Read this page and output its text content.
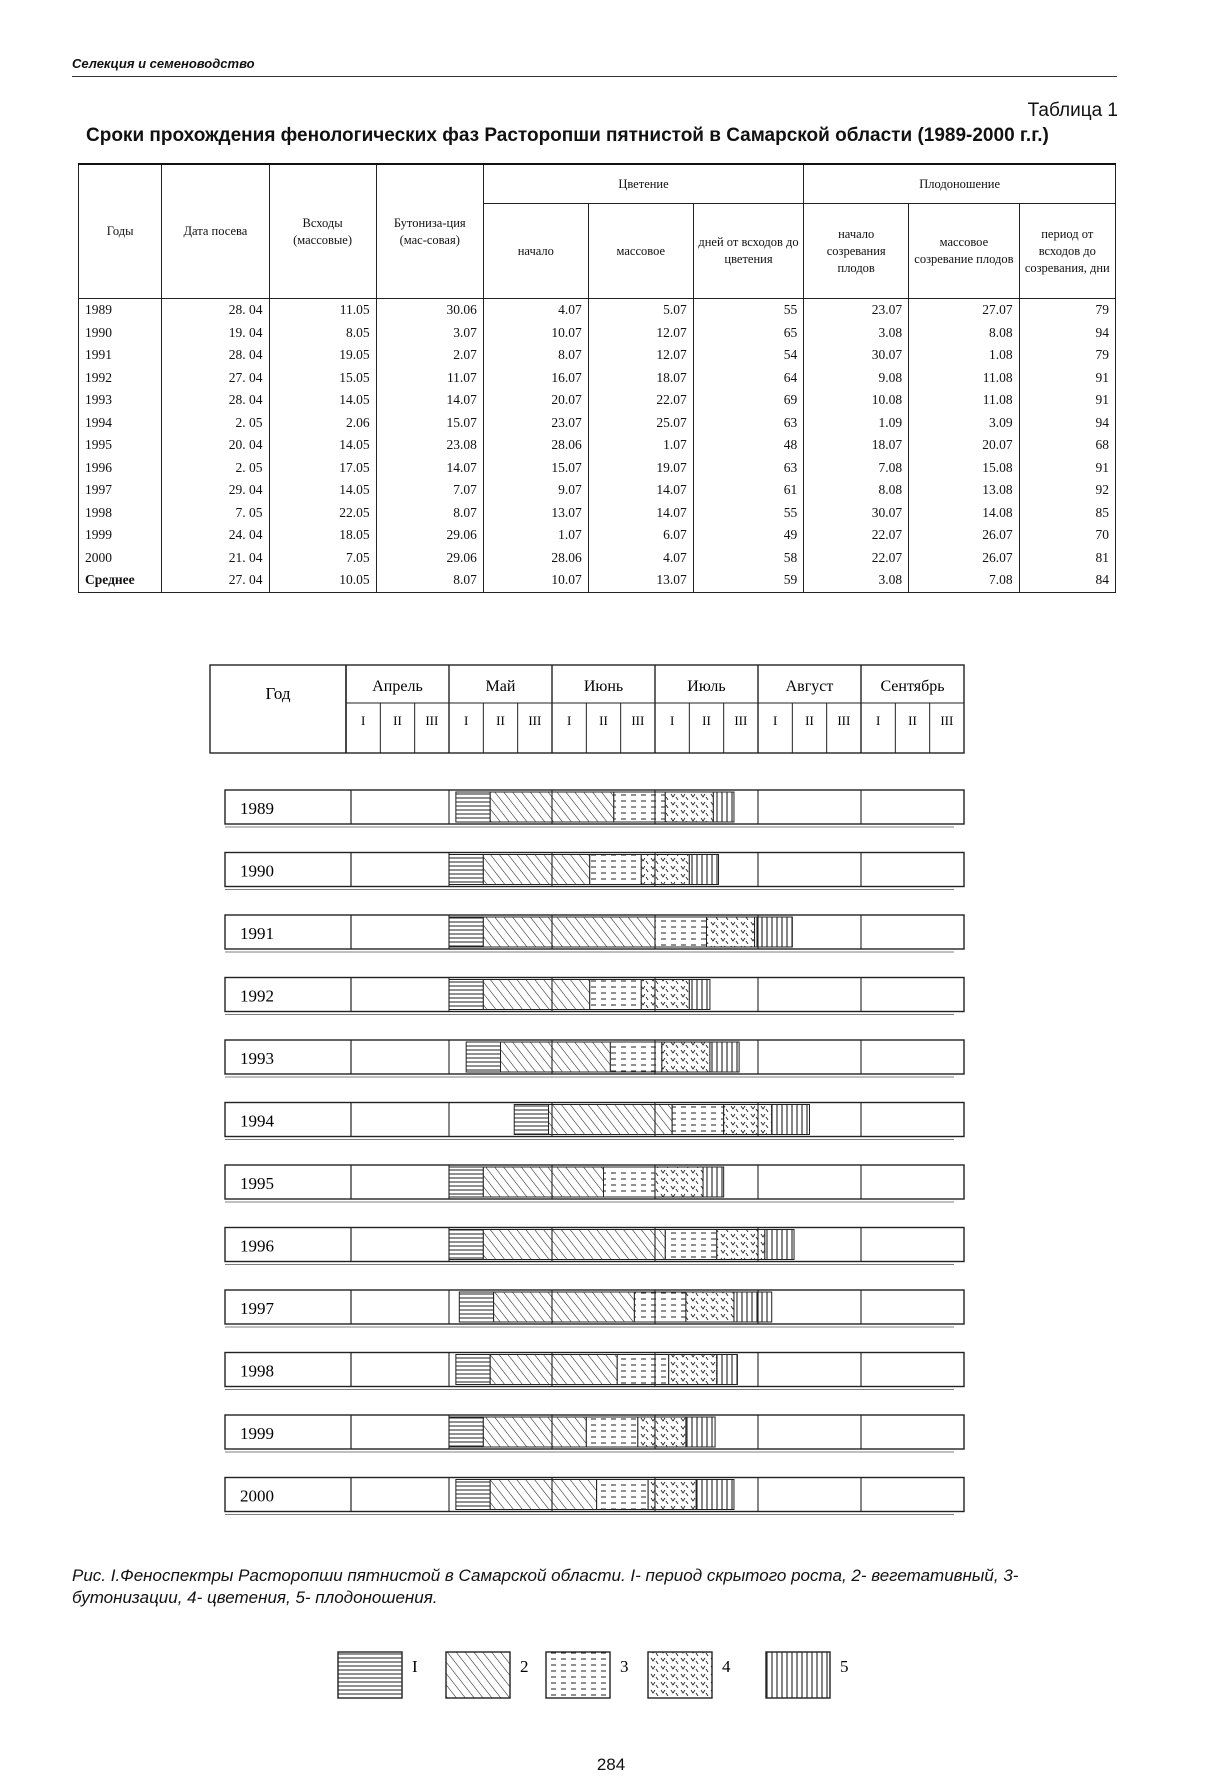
Селекция и семеноводство
Таблица 1
Сроки прохождения фенологических фаз Расторопши пятнистой в Самарской области (1989-2000 г.г.)
Годы	Дата посева	Всходы (массовые)	Бутониза-ция (мас-совая)	Цветение			Плодоношение		
				начало	массовое	дней от всходов до цветения	начало созревания плодов	массовое созревание плодов	период от всходов до созревания, дни
1989	28. 04	11.05	30.06	4.07	5.07	55	23.07	27.07	79
1990	19. 04	8.05	3.07	10.07	12.07	65	3.08	8.08	94
1991	28. 04	19.05	2.07	8.07	12.07	54	30.07	1.08	79
1992	27. 04	15.05	11.07	16.07	18.07	64	9.08	11.08	91
1993	28. 04	14.05	14.07	20.07	22.07	69	10.08	11.08	91
1994	2. 05	2.06	15.07	23.07	25.07	63	1.09	3.09	94
1995	20. 04	14.05	23.08	28.06	1.07	48	18.07	20.07	68
1996	2. 05	17.05	14.07	15.07	19.07	63	7.08	15.08	91
1997	29. 04	14.05	7.07	9.07	14.07	61	8.08	13.08	92
1998	7. 05	22.05	8.07	13.07	14.07	55	30.07	14.08	85
1999	24. 04	18.05	29.06	1.07	6.07	49	22.07	26.07	70
2000	21. 04	7.05	29.06	28.06	4.07	58	22.07	26.07	81
Среднее	27. 04	10.05	8.07	10.07	13.07	59	3.08	7.08	84
Год	Апрель
I II III
Май
I II III
Июнь
I II III
Июль
I II III
Август
I II III
Сентябрь
I II III
1989
1990
1991
1992
1993
1994
1995
1996
1997
1998
1999
2000
I	2	3	4	5
Рис. I.Феноспектры Расторопши пятнистой в Самарской области. I- период скрытого роста, 2- вегетативный, 3- бутонизации, 4- цветения, 5- плодоношения.
284
